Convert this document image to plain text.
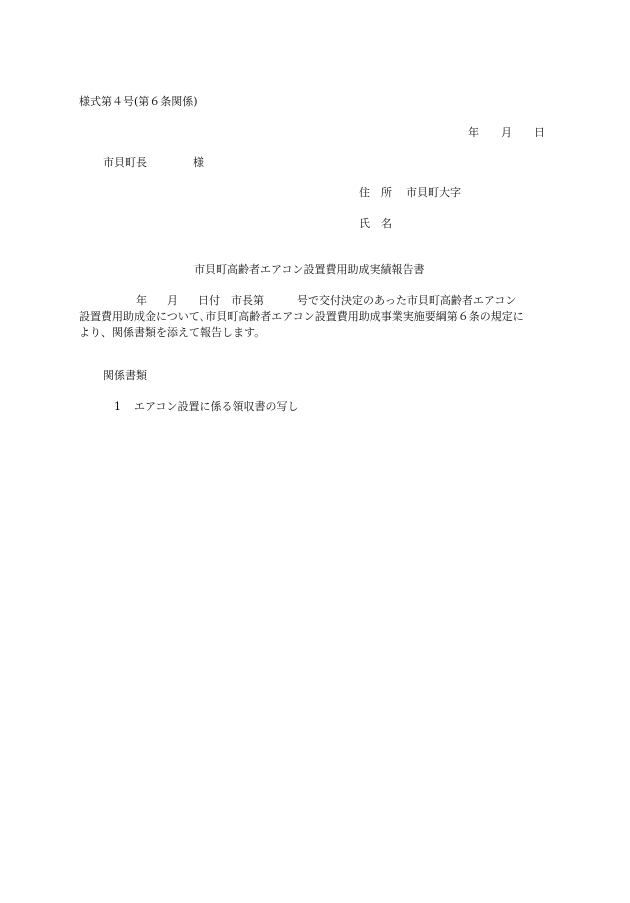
様式第４号(第６条関係)
年 月 日
市貝町長	様
住　所 市貝町大字
氏　名
市貝町高齢者エアコン設置費用助成実績報告書
年 月 日付　市長第	号で交付決定のあった市貝町高齢者エアコン
設置費用助成金について､市貝町高齢者エアコン設置費用助成事業実施要綱第６条の規定に
より、関係書類を添えて報告します。
関係書類
1 エアコン設置に係る領収書の写し
